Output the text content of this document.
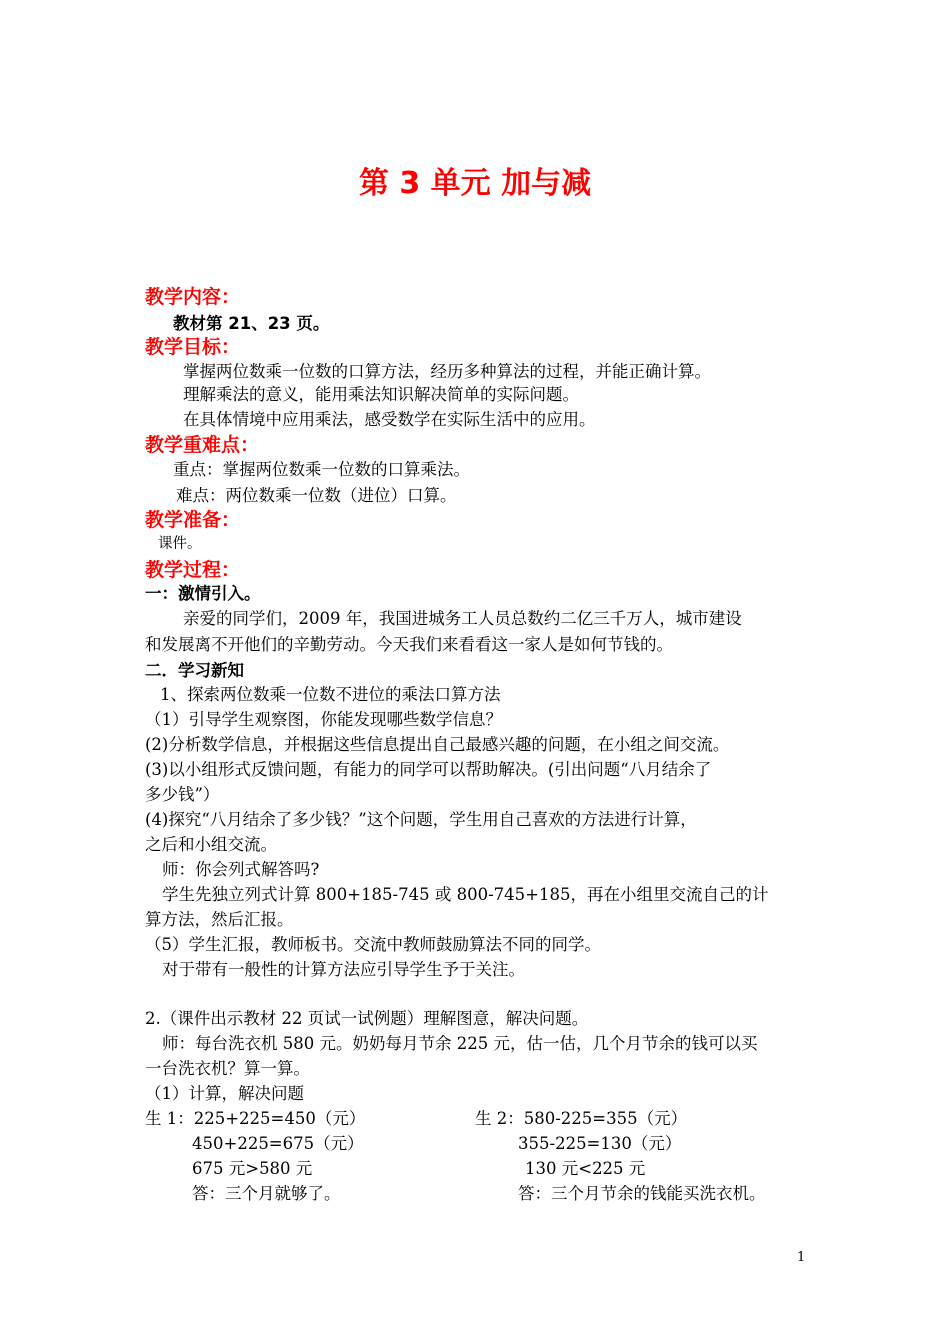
第 3 单元 加与减
教学内容：
教材第 21、23 页。
教学目标：
掌握两位数乘一位数的口算方法，经历多种算法的过程，并能正确计算。
理解乘法的意义，能用乘法知识解决简单的实际问题。
在具体情境中应用乘法，感受数学在实际生活中的应用。
教学重难点：
重点：掌握两位数乘一位数的口算乘法。
难点：两位数乘一位数（进位）口算。
教学准备：
课件。
教学过程：
一：激情引入。
亲爱的同学们，2009 年，我国进城务工人员总数约二亿三千万人，城市建设
和发展离不开他们的辛勤劳动。今天我们来看看这一家人是如何节钱的。
二．学习新知
1、探索两位数乘一位数不进位的乘法口算方法
（1）引导学生观察图，你能发现哪些数学信息？
(2)分析数学信息，并根据这些信息提出自己最感兴趣的问题，在小组之间交流。
(3)以小组形式反馈问题，有能力的同学可以帮助解决。(引出问题“八月结余了
多少钱”）
(4)探究“八月结余了多少钱？”这个问题，学生用自己喜欢的方法进行计算，
之后和小组交流。
师：你会列式解答吗?
学生先独立列式计算 800+185-745 或 800-745+185，再在小组里交流自己的计
算方法，然后汇报。
（5）学生汇报，教师板书。交流中教师鼓励算法不同的同学。
对于带有一般性的计算方法应引导学生予于关注。
2.（课件出示教材 22 页试一试例题）理解图意，解决问题。
师：每台洗衣机 580 元。奶奶每月节余 225 元，估一估，几个月节余的钱可以买
一台洗衣机？算一算。
（1）计算，解决问题
生 1：225+225=450（元）
450+225=675（元）
675 元>580 元
答：三个月就够了。
生 2：580-225=355（元）
355-225=130（元）
130 元<225 元
答：三个月节余的钱能买洗衣机。
1
